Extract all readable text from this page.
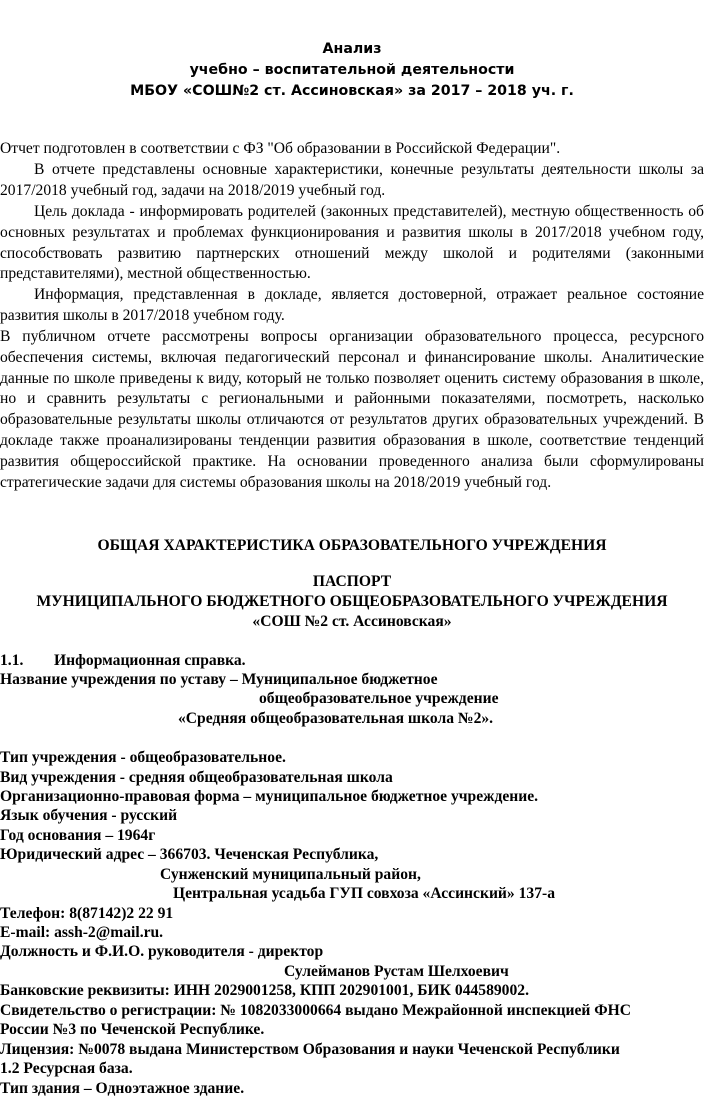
Анализ
учебно – воспитательной деятельности
МБОУ «СОШ№2 ст. Ассиновская» за 2017 – 2018 уч. г.
Отчет подготовлен в соответствии с ФЗ "Об образовании в Российской Федерации".
В отчете представлены основные характеристики, конечные результаты деятельности школы за 2017/2018 учебный год, задачи на 2018/2019 учебный год.
Цель доклада - информировать родителей (законных представителей), местную общественность об основных результатах и проблемах функционирования и развития школы в 2017/2018 учебном году, способствовать развитию партнерских отношений между школой и родителями (законными представителями), местной общественностью.
Информация, представленная в докладе, является достоверной, отражает реальное состояние развития школы в 2017/2018 учебном году.
В публичном отчете рассмотрены вопросы организации образовательного процесса, ресурсного обеспечения системы, включая педагогический персонал и финансирование школы. Аналитические данные по школе приведены к виду, который не только позволяет оценить систему образования в школе, но и сравнить результаты с региональными и районными показателями, посмотреть, насколько образовательные результаты школы отличаются от результатов других образовательных учреждений. В докладе также проанализированы тенденции развития образования в школе, соответствие тенденций развития общероссийской практике. На основании проведенного анализа были сформулированы стратегические задачи для системы образования школы на 2018/2019 учебный год.
ОБЩАЯ ХАРАКТЕРИСТИКА ОБРАЗОВАТЕЛЬНОГО УЧРЕЖДЕНИЯ
ПАСПОРТ
МУНИЦИПАЛЬНОГО БЮДЖЕТНОГО ОБЩЕОБРАЗОВАТЕЛЬНОГО УЧРЕЖДЕНИЯ
«СОШ №2 ст. Ассиновская»
1.1. Информационная справка.
Название учреждения по уставу – Муниципальное бюджетное
общеобразовательное учреждение
«Средняя общеобразовательная школа №2».
Тип учреждения - общеобразовательное.
Вид учреждения - средняя общеобразовательная школа
Организационно-правовая форма – муниципальное бюджетное учреждение.
Язык обучения - русский
Год основания – 1964г
Юридический адрес – 366703. Чеченская Республика,
Сунженский муниципальный район,
Центральная усадьба ГУП совхоза «Ассинский» 137-а
Телефон: 8(87142)2 22 91
E-mail: assh-2@mail.ru.
Должность и Ф.И.О. руководителя - директор
Сулейманов Рустам Шелхоевич
Банковские реквизиты: ИНН 2029001258, КПП 202901001, БИК 044589002.
Свидетельство о регистрации: № 1082033000664 выдано Межрайонной инспекцией ФНС
России №3 по Чеченской Республике.
Лицензия: №0078 выдана Министерством Образования и науки Чеченской Республики
1.2 Ресурсная база.
Тип здания – Одноэтажное здание.
